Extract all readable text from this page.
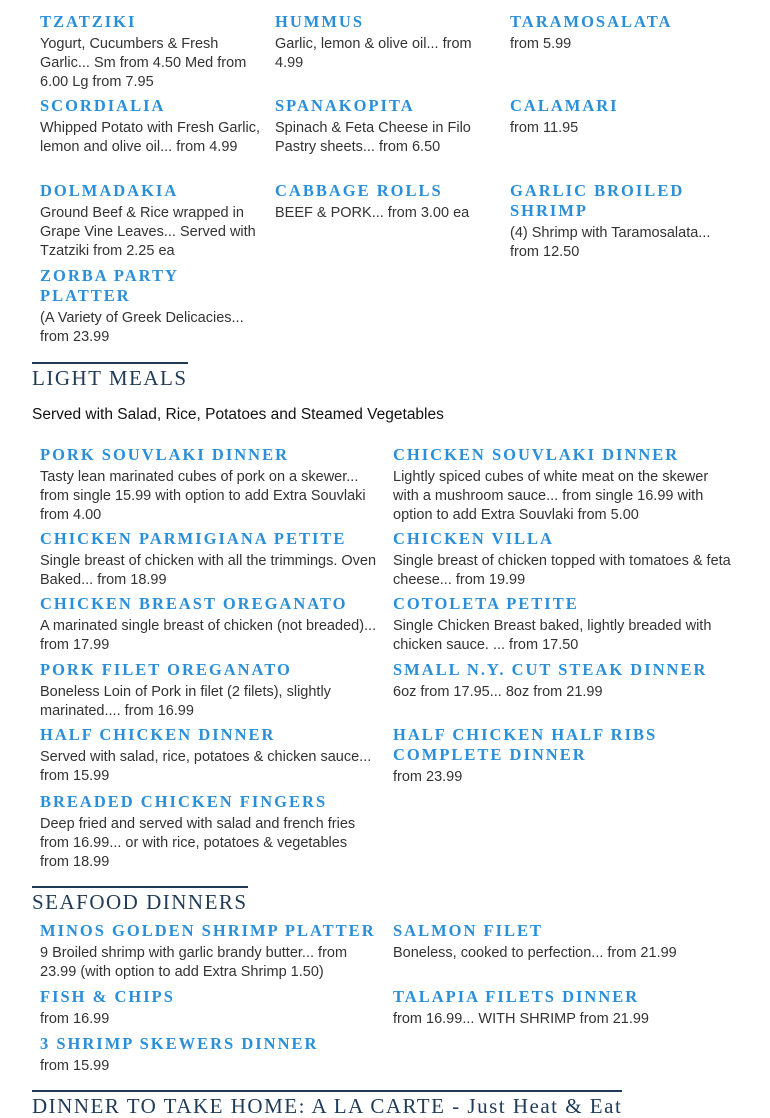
TZATZIKI
Yogurt, Cucumbers & Fresh Garlic... Sm from 4.50 Med from 6.00 Lg from 7.95
HUMMUS
Garlic, lemon & olive oil... from 4.99
TARAMOSALATA
from 5.99
SCORDIALIA
Whipped Potato with Fresh Garlic, lemon and olive oil... from 4.99
SPANAKOPITA
Spinach & Feta Cheese in Filo Pastry sheets... from 6.50
CALAMARI
from 11.95
DOLMADAKIA
Ground Beef & Rice wrapped in Grape Vine Leaves... Served with Tzatziki from 2.25 ea
CABBAGE ROLLS
BEEF & PORK... from 3.00 ea
GARLIC BROILED SHRIMP
(4) Shrimp with Taramosalata... from 12.50
ZORBA PARTY PLATTER
(A Variety of Greek Delicacies... from 23.99
LIGHT MEALS
Served with Salad, Rice, Potatoes and Steamed Vegetables
PORK SOUVLAKI DINNER
Tasty lean marinated cubes of pork on a skewer... from single 15.99 with option to add Extra Souvlaki from 4.00
CHICKEN SOUVLAKI DINNER
Lightly spiced cubes of white meat on the skewer with a mushroom sauce... from single 16.99 with option to add Extra Souvlaki from 5.00
CHICKEN PARMIGIANA PETITE
Single breast of chicken with all the trimmings. Oven Baked... from 18.99
CHICKEN VILLA
Single breast of chicken topped with tomatoes & feta cheese... from 19.99
CHICKEN BREAST OREGANATO
A marinated single breast of chicken (not breaded)... from 17.99
COTOLETA PETITE
Single Chicken Breast baked, lightly breaded with chicken sauce. ... from 17.50
PORK FILET OREGANATO
Boneless Loin of Pork in filet (2 filets), slightly marinated.... from 16.99
SMALL N.Y. CUT STEAK DINNER
6oz from 17.95... 8oz from 21.99
HALF CHICKEN DINNER
Served with salad, rice, potatoes & chicken sauce... from 15.99
HALF CHICKEN HALF RIBS COMPLETE DINNER
from 23.99
BREADED CHICKEN FINGERS
Deep fried and served with salad and french fries from 16.99... or with rice, potatoes & vegetables from 18.99
SEAFOOD DINNERS
MINOS GOLDEN SHRIMP PLATTER
9 Broiled shrimp with garlic brandy butter... from 23.99 (with option to add Extra Shrimp 1.50)
SALMON FILET
Boneless, cooked to perfection... from 21.99
FISH & CHIPS
from 16.99
TALAPIA FILETS DINNER
from 16.99... WITH SHRIMP from 21.99
3 SHRIMP SKEWERS DINNER
from 15.99
DINNER TO TAKE HOME: A LA CARTE - Just Heat & Eat
